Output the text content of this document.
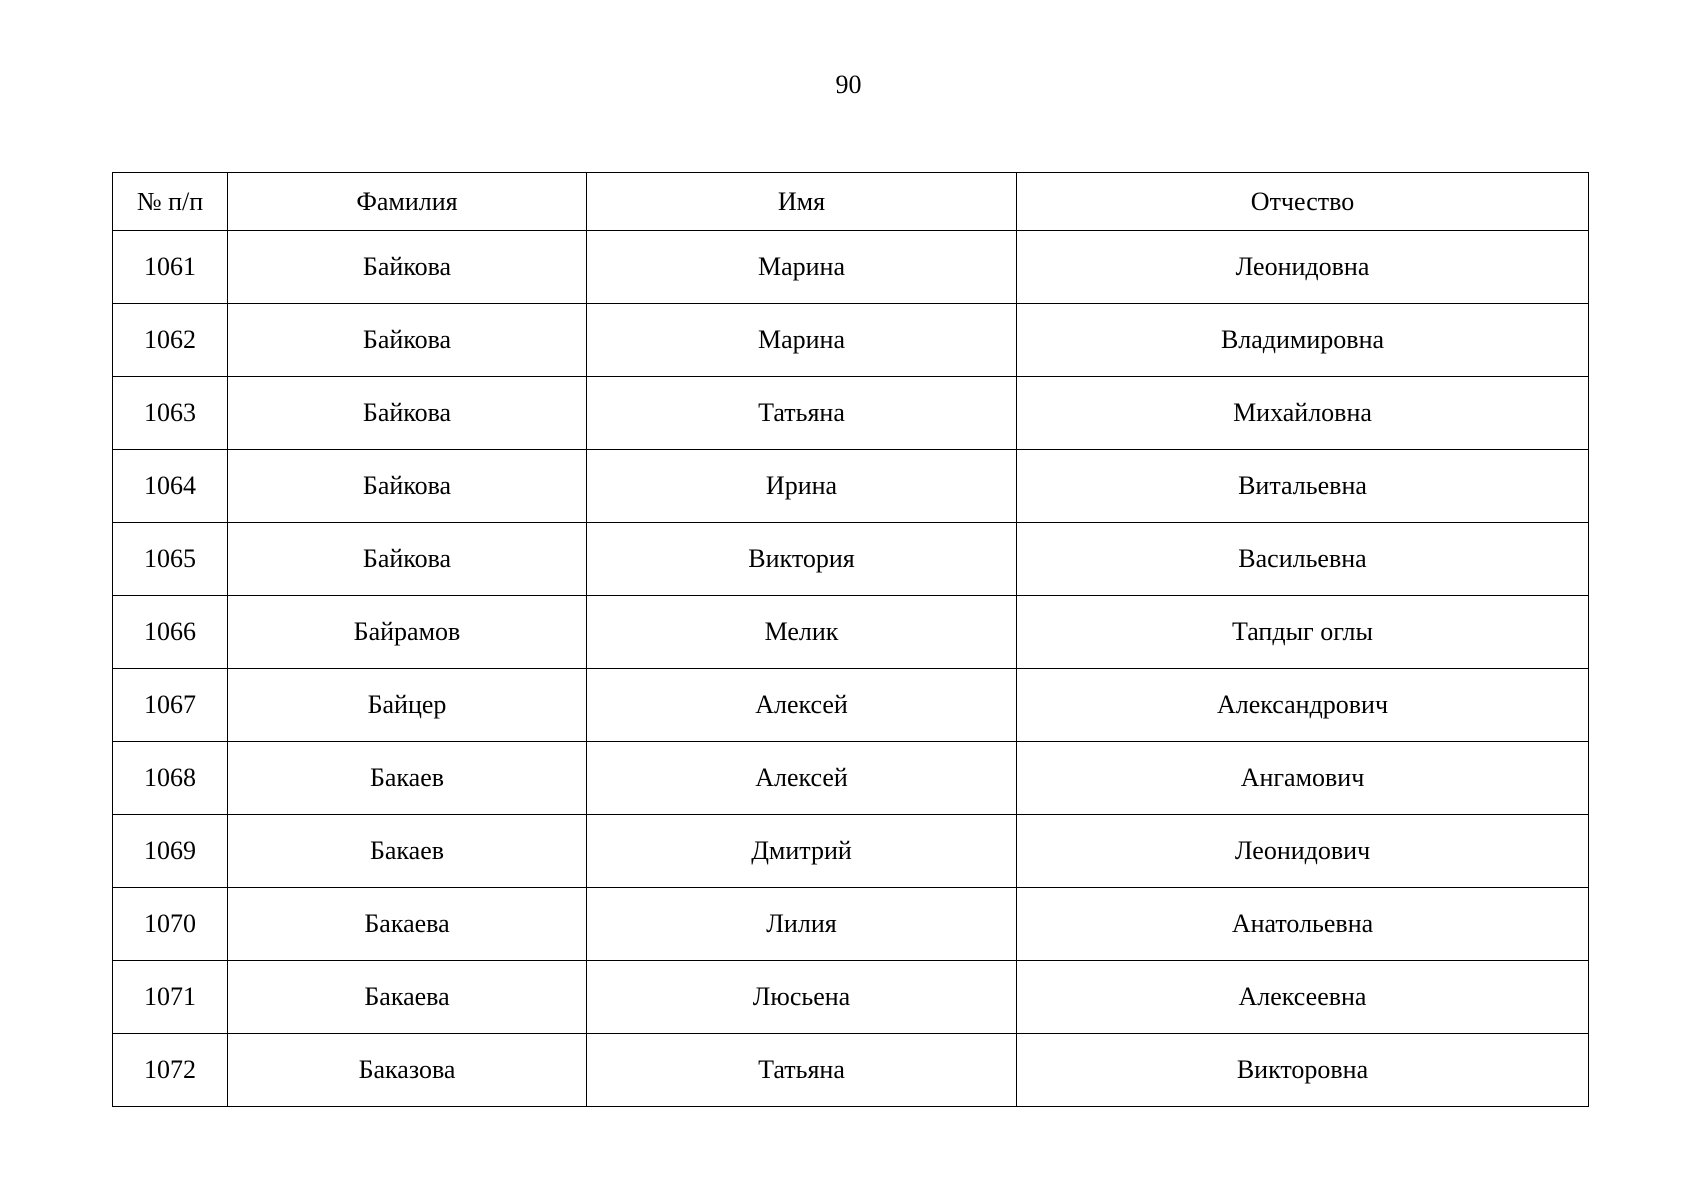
90
№ п/п	Фамилия	Имя	Отчество
1061	Байкова	Марина	Леонидовна
1062	Байкова	Марина	Владимировна
1063	Байкова	Татьяна	Михайловна
1064	Байкова	Ирина	Витальевна
1065	Байкова	Виктория	Васильевна
1066	Байрамов	Мелик	Тапдыг оглы
1067	Байцер	Алексей	Александрович
1068	Бакаев	Алексей	Ангамович
1069	Бакаев	Дмитрий	Леонидович
1070	Бакаева	Лилия	Анатольевна
1071	Бакаева	Люсьена	Алексеевна
1072	Баказова	Татьяна	Викторовна
